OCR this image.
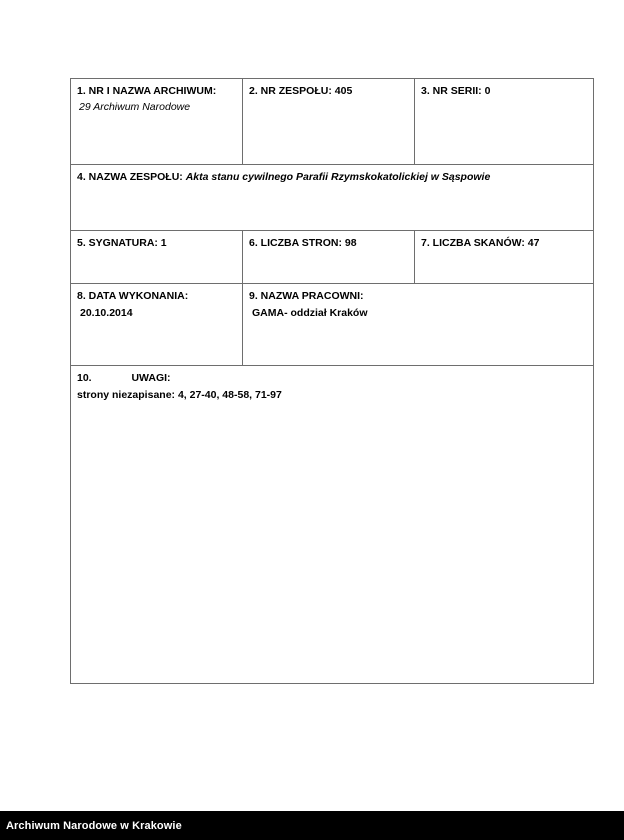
1. NR I NAZWA ARCHIWUM:
29 Archiwum Narodowe	2. NR ZESPOŁU: 405	3. NR SERII: 0
4. NAZWA ZESPOŁU: Akta stanu cywilnego Parafii Rzymskokatolickiej w Sąspowie		
5. SYGNATURA: 1	6. LICZBA STRON: 98	7. LICZBA SKANÓW: 47
8. DATA WYKONANIA:
20.10.2014	9. NAZWA PRACOWNI:
GAMA- oddział Kraków	

10. UWAGI:
strony niezapisane: 4, 27-40, 48-58, 71-97		
Archiwum Narodowe w Krakowie
